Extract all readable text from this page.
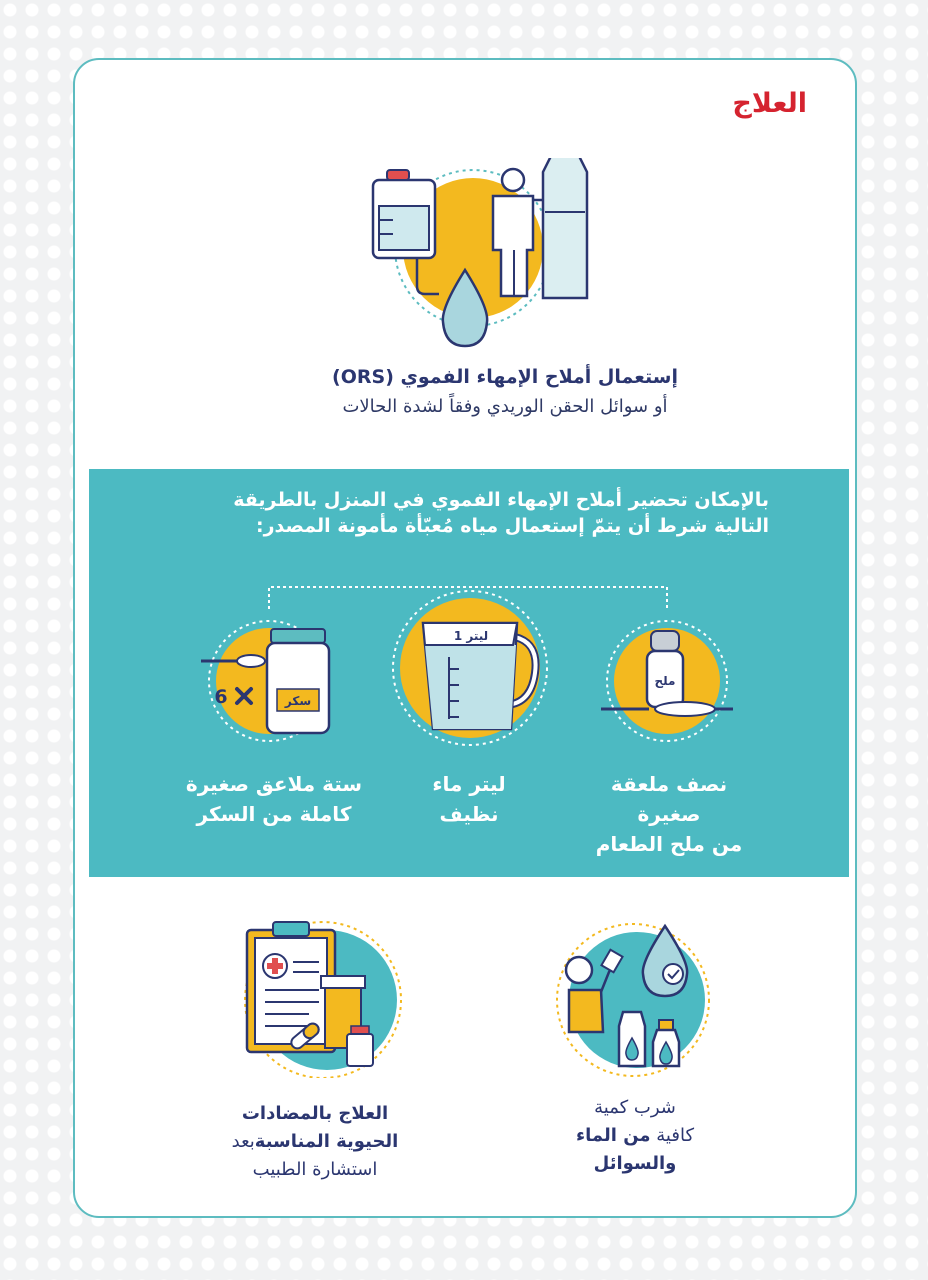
العلاج
إستعمال أملاح الإمهاء الفموي (ORS)
أو سوائل الحقن الوريدي وفقاً لشدة الحالات
بالإمكان تحضير أملاح الإمهاء الفموي في المنزل بالطريقة
التالية شرط أن يتمّ إستعمال مياه مُعبّأة مأمونة المصدر:
سكر
6
1 ليتر
ملح
ستة ملاعق صغيرة
كاملة من السكر
ليتر ماء
نظيف
نصف ملعقة
صغيرة
من ملح الطعام
العلاج بالمضادات
الحيوية المناسبةبعد
استشارة الطبيب
شرب كمية
كافية من الماء
والسوائل
